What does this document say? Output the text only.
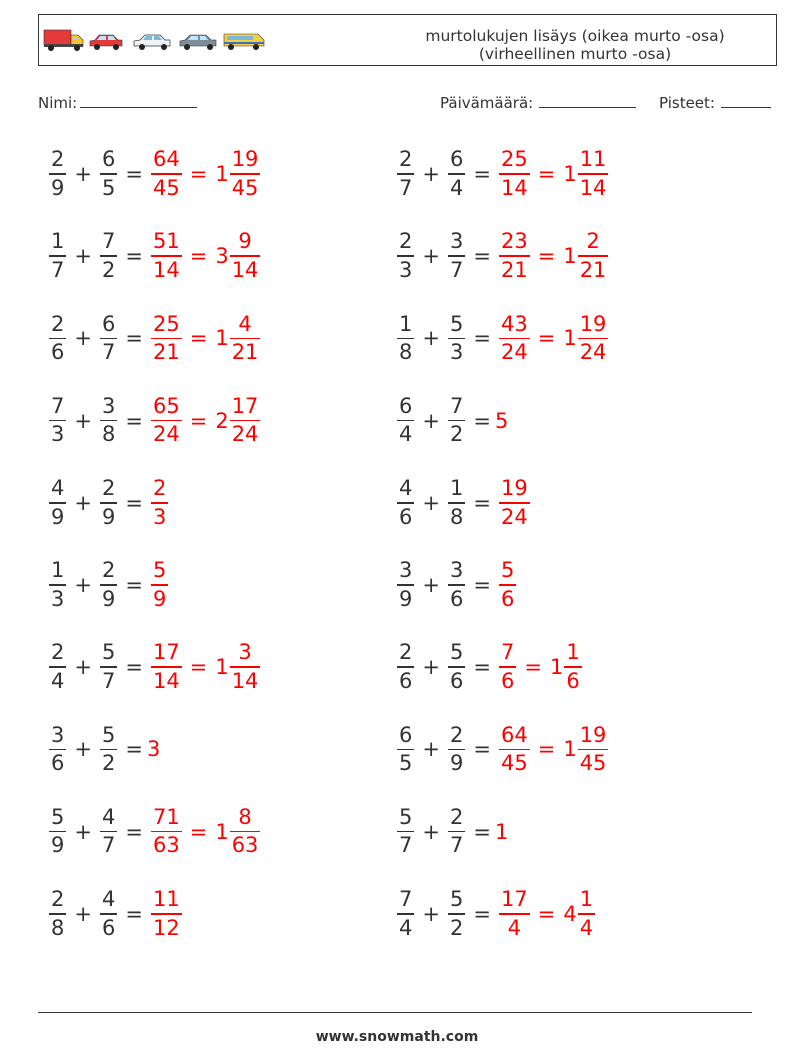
murtolukujen lisäys (oikea murto -osa)
(virheellinen murto -osa)
Nimi:	Päivämäärä:	Pisteet:
$\frac{2}{9} + \frac{6}{5} = \frac{64}{45} = 1 \frac{19}{45}$
$\frac{1}{7} + \frac{7}{2} = \frac{51}{14} = 3 \frac{9}{14}$
$\frac{2}{6} + \frac{6}{7} = \frac{25}{21} = 1 \frac{4}{21}$
$\frac{7}{3} + \frac{3}{8} = \frac{65}{24} = 2 \frac{17}{24}$
$\frac{4}{9} + \frac{2}{9} = \frac{2}{3}$
$\frac{1}{3} + \frac{2}{9} = \frac{5}{9}$
$\frac{2}{4} + \frac{5}{7} = \frac{17}{14} = 1 \frac{3}{14}$
$\frac{3}{6} + \frac{5}{2} = 3$
$\frac{5}{9} + \frac{4}{7} = \frac{71}{63} = 1 \frac{8}{63}$
$\frac{2}{8} + \frac{4}{6} = \frac{11}{12}$
$\frac{2}{7} + \frac{6}{4} = \frac{25}{14} = 1 \frac{11}{14}$
$\frac{2}{3} + \frac{3}{7} = \frac{23}{21} = 1 \frac{2}{21}$
$\frac{1}{8} + \frac{5}{3} = \frac{43}{24} = 1 \frac{19}{24}$
$\frac{6}{4} + \frac{7}{2} = 5$
$\frac{4}{6} + \frac{1}{8} = \frac{19}{24}$
$\frac{3}{9} + \frac{3}{6} = \frac{5}{6}$
$\frac{2}{6} + \frac{5}{6} = \frac{7}{6} = 1 \frac{1}{6}$
$\frac{6}{5} + \frac{2}{9} = \frac{64}{45} = 1 \frac{19}{45}$
$\frac{5}{7} + \frac{2}{7} = 1$
$\frac{7}{4} + \frac{5}{2} = \frac{17}{4} = 4 \frac{1}{4}$
www.snowmath.com
